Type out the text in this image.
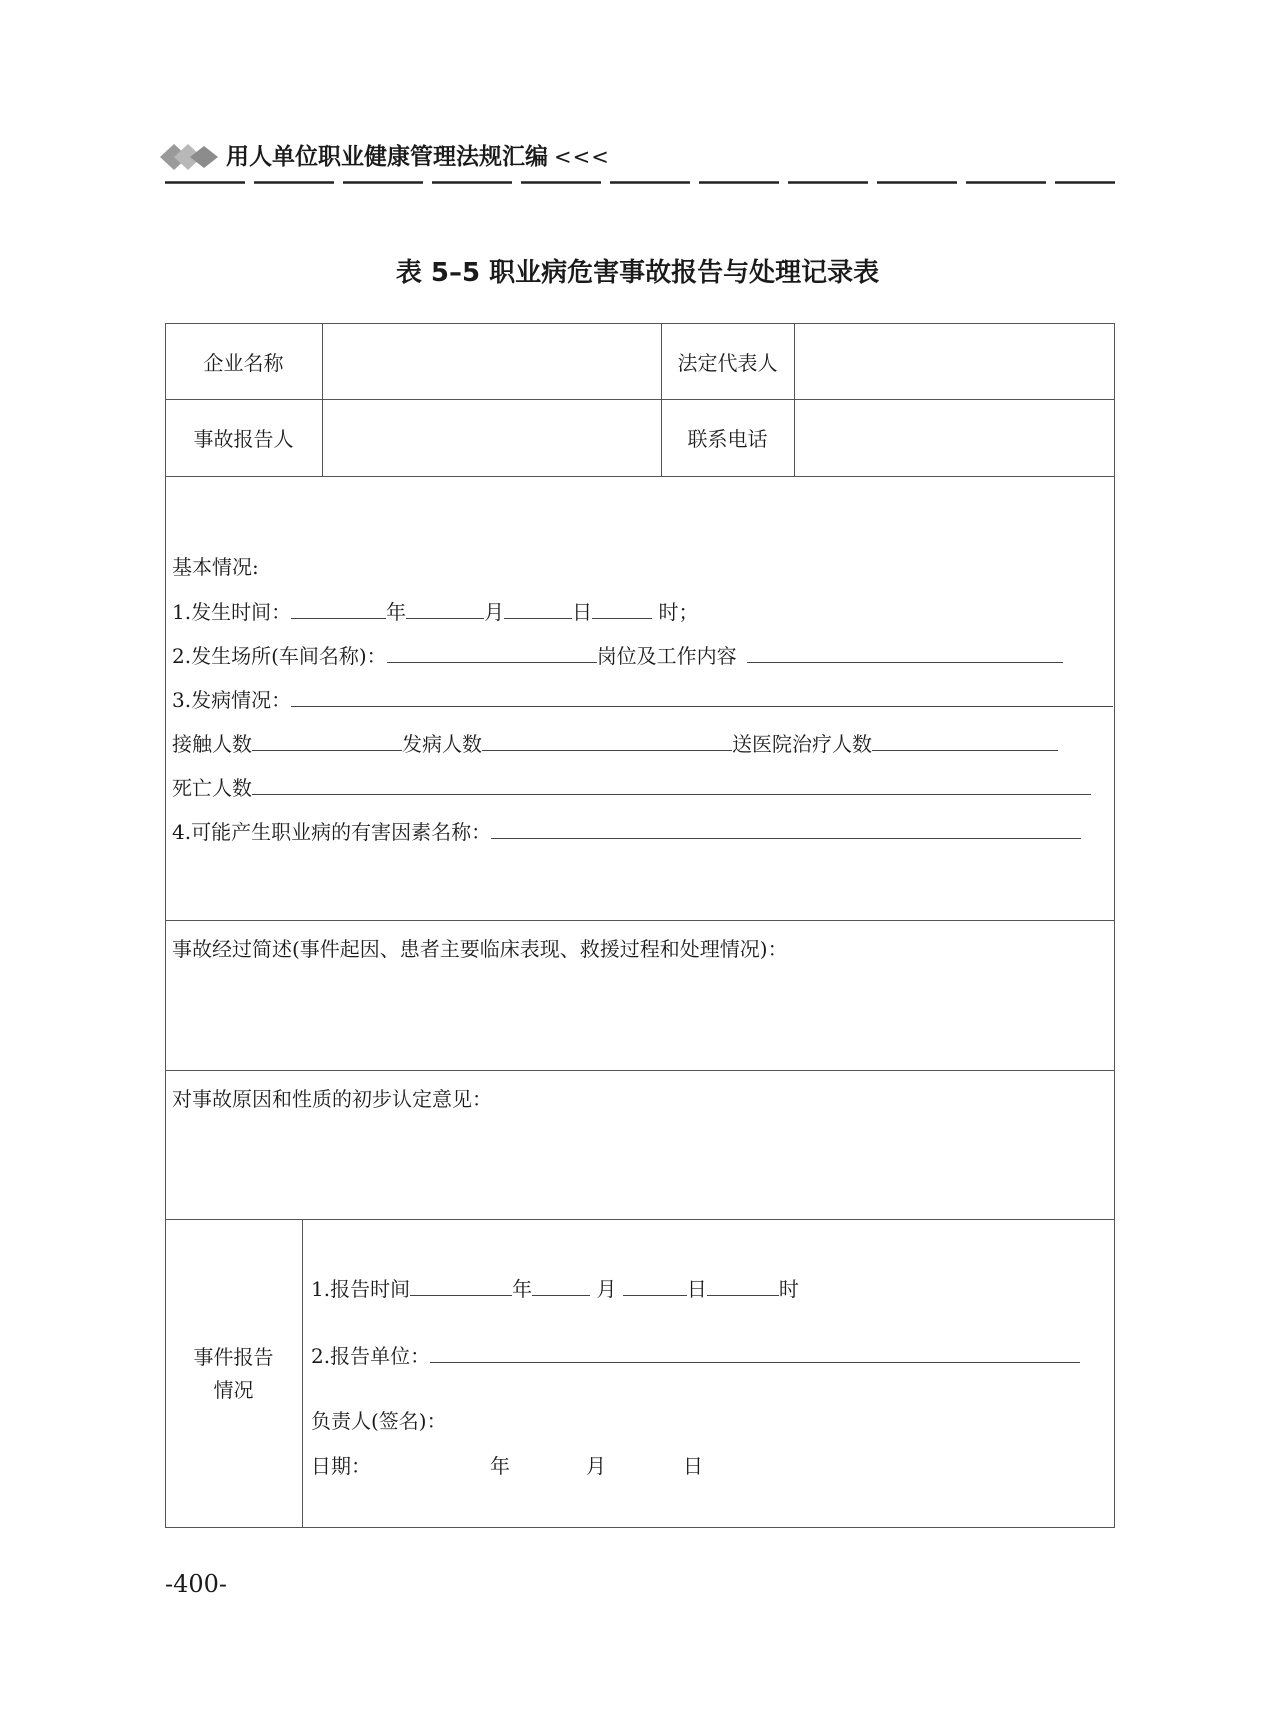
用人单位职业健康管理法规汇编 <<<
表 5–5 职业病危害事故报告与处理记录表
企业名称	法定代表人
事故报告人	联系电话
基本情况:
1.发生时间：	年	月	日	时；
2.发生场所(车间名称)：	岗位及工作内容
3.发病情况：
接触人数	发病人数	送医院治疗人数
死亡人数
4.可能产生职业病的有害因素名称：
事故经过简述(事件起因、患者主要临床表现、救援过程和处理情况)：
对事故原因和性质的初步认定意见：
事件报告
情况
1.报告时间	年	月	日	时
2.报告单位：
负责人(签名)：
日期：	年	月	日
-400-
